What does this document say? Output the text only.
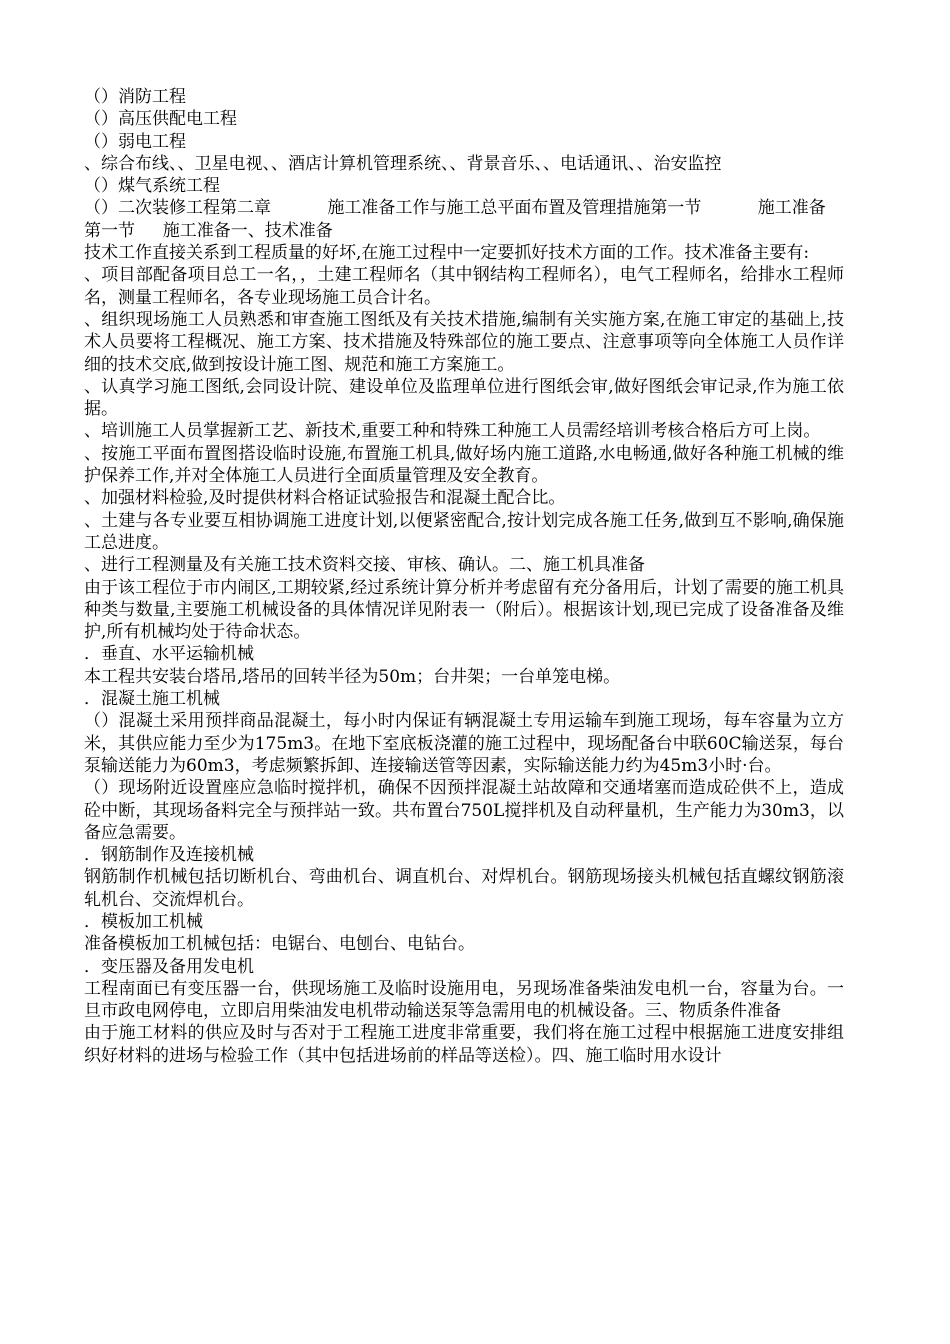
（）消防工程

（）高压供配电工程

（）弱电工程

、综合布线、、卫星电视、、酒店计算机管理系统、、背景音乐、、电话通讯、、治安监控

（）煤气系统工程

（）二次装修工程第二章 　　　施工准备工作与施工总平面布置及管理措施第一节 　　　施工准备

第一节 　 施工准备一、技术准备

技术工作直接关系到工程质量的好坏,在施工过程中一定要抓好技术方面的工作。技术准备主要有:

、项目部配备项目总工一名，，土建工程师名（其中钢结构工程师名），电气工程师名，给排水工程师名，测量工程师名，各专业现场施工员合计名。

、组织现场施工人员熟悉和审查施工图纸及有关技术措施,编制有关实施方案,在施工审定的基础上,技术人员要将工程概况、施工方案、技术措施及特殊部位的施工要点、注意事项等向全体施工人员作详细的技术交底,做到按设计施工图、规范和施工方案施工。

、认真学习施工图纸,会同设计院、建设单位及监理单位进行图纸会审,做好图纸会审记录,作为施工依据。

、培训施工人员掌握新工艺、新技术,重要工种和特殊工种施工人员需经培训考核合格后方可上岗。

、按施工平面布置图搭设临时设施,布置施工机具,做好场内施工道路,水电畅通,做好各种施工机械的维护保养工作,并对全体施工人员进行全面质量管理及安全教育。

、加强材料检验,及时提供材料合格证试验报告和混凝土配合比。

、土建与各专业要互相协调施工进度计划,以便紧密配合,按计划完成各施工任务,做到互不影响,确保施工总进度。

、进行工程测量及有关施工技术资料交接、审核、确认。二、施工机具准备

由于该工程位于市内闹区,工期较紧,经过系统计算分析并考虑留有充分备用后，计划了需要的施工机具种类与数量,主要施工机械设备的具体情况详见附表一（附后）。根据该计划,现已完成了设备准备及维护,所有机械均处于待命状态。

．垂直、水平运输机械

本工程共安装台塔吊,塔吊的回转半径为50m；台井架；一台单笼电梯。

．混凝土施工机械

（）混凝土采用预拌商品混凝土，每小时内保证有辆混凝土专用运输车到施工现场，每车容量为立方米，其供应能力至少为175m3。在地下室底板浇灌的施工过程中，现场配备台中联60C输送泵，每台泵输送能力为60m3，考虑频繁拆卸、连接输送管等因素，实际输送能力约为45m3小时·台。

（）现场附近设置座应急临时搅拌机，确保不因预拌混凝土站故障和交通堵塞而造成砼供不上，造成砼中断，其现场备料完全与预拌站一致。共布置台750L搅拌机及自动秤量机，生产能力为30m3，以备应急需要。

．钢筋制作及连接机械

钢筋制作机械包括切断机台、弯曲机台、调直机台、对焊机台。钢筋现场接头机械包括直螺纹钢筋滚轧机台、交流焊机台。

．模板加工机械

准备模板加工机械包括：电锯台、电刨台、电钻台。

．变压器及备用发电机

工程南面已有变压器一台，供现场施工及临时设施用电，另现场准备柴油发电机一台，容量为台。一旦市政电网停电，立即启用柴油发电机带动输送泵等急需用电的机械设备。三、物质条件准备

由于施工材料的供应及时与否对于工程施工进度非常重要，我们将在施工过程中根据施工进度安排组织好材料的进场与检验工作（其中包括进场前的样品等送检）。四、施工临时用水设计
